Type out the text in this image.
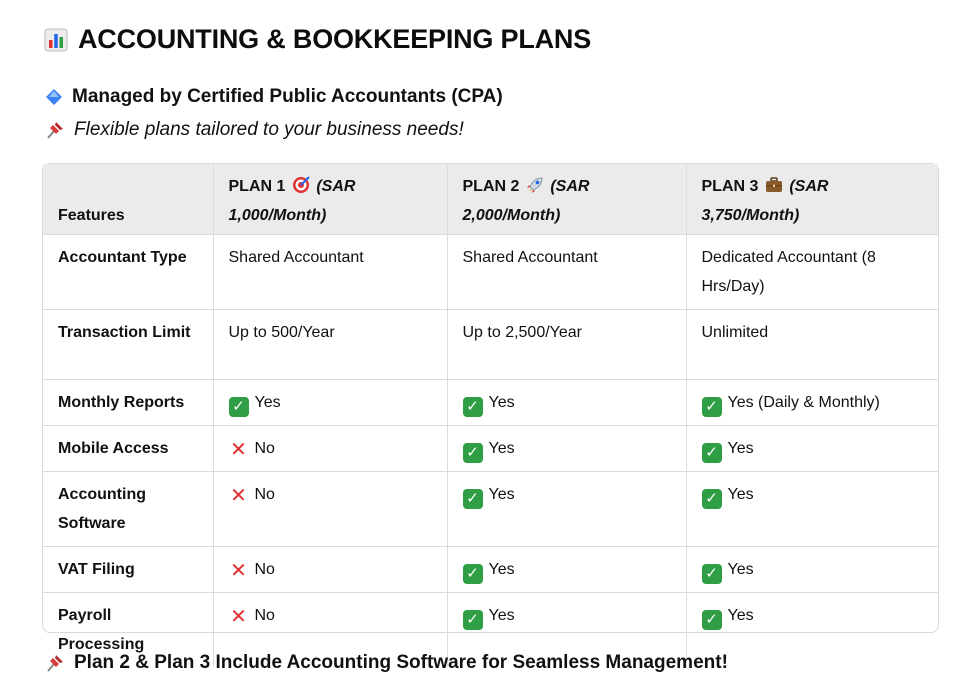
ACCOUNTING & BOOKKEEPING PLANS
Managed by Certified Public Accountants (CPA)
Flexible plans tailored to your business needs!
Features	PLAN 1 (SAR 1,000/Month)	PLAN 2 (SAR 2,000/Month)	PLAN 3 (SAR 3,750/Month)
Accountant Type	Shared Accountant	Shared Accountant	Dedicated Accountant (8 Hrs/Day)
Transaction Limit	Up to 500/Year	Up to 2,500/Year	Unlimited
Monthly Reports	✓ Yes	✓ Yes	✓ Yes (Daily & Monthly)
Mobile Access	✕ No	✓ Yes	✓ Yes
Accounting Software	✕ No	✓ Yes	✓ Yes
VAT Filing	✕ No	✓ Yes	✓ Yes
Payroll Processing	✕ No	✓ Yes	✓ Yes
Plan 2 & Plan 3 Include Accounting Software for Seamless Management!
